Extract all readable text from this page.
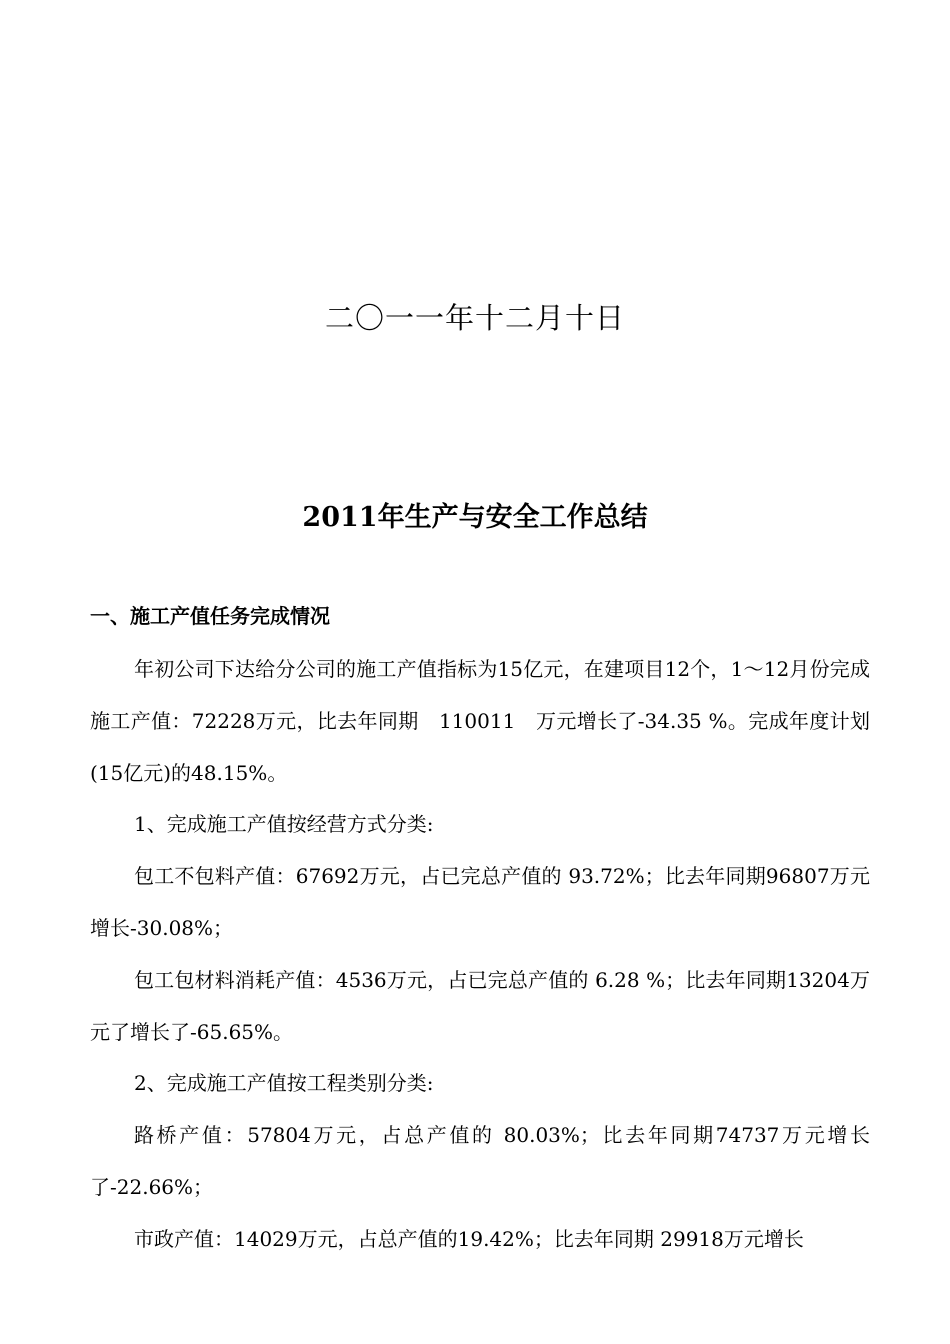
二〇一一年十二月十日
2011年生产与安全工作总结
一、施工产值任务完成情况

年初公司下达给分公司的施工产值指标为15亿元，在建项目12个，1～12月份完成施工产值：72228万元，比去年同期　110011　万元增长了-34.35 %。完成年度计划(15亿元)的48.15%。

1、完成施工产值按经营方式分类:

包工不包料产值：67692万元，占已完总产值的 93.72%；比去年同期96807万元增长-30.08%；

包工包材料消耗产值：4536万元，占已完总产值的 6.28 %；比去年同期13204万元了增长了-65.65%。

2、完成施工产值按工程类别分类:

路桥产值：57804万元，占总产值的 80.03%；比去年同期74737万元增长了-22.66%；

市政产值：14029万元，占总产值的19.42%；比去年同期 29918万元增长
